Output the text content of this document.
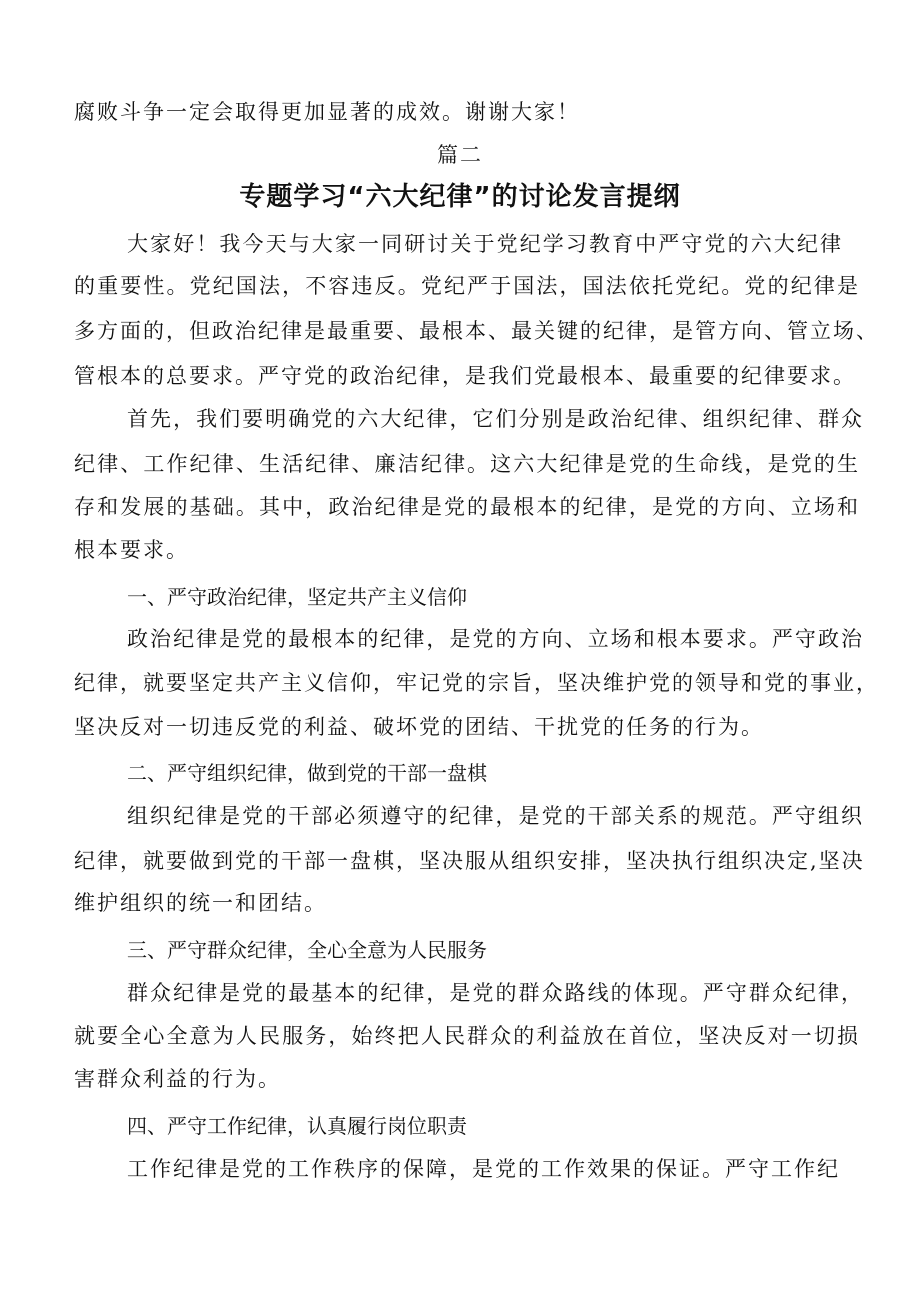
腐败斗争一定会取得更加显著的成效。谢谢大家！
篇二
专题学习“六大纪律”的讨论发言提纲
大家好！我今天与大家一同研讨关于党纪学习教育中严守党的六大纪律
的重要性。党纪国法，不容违反。党纪严于国法，国法依托党纪。党的纪律是
多方面的，但政治纪律是最重要、最根本、最关键的纪律，是管方向、管立场、
管根本的总要求。严守党的政治纪律，是我们党最根本、最重要的纪律要求。
首先，我们要明确党的六大纪律，它们分别是政治纪律、组织纪律、群众
纪律、工作纪律、生活纪律、廉洁纪律。这六大纪律是党的生命线，是党的生
存和发展的基础。其中，政治纪律是党的最根本的纪律，是党的方向、立场和
根本要求。
一、严守政治纪律，坚定共产主义信仰
政治纪律是党的最根本的纪律，是党的方向、立场和根本要求。严守政治
纪律，就要坚定共产主义信仰，牢记党的宗旨，坚决维护党的领导和党的事业，
坚决反对一切违反党的利益、破坏党的团结、干扰党的任务的行为。
二、严守组织纪律，做到党的干部一盘棋
组织纪律是党的干部必须遵守的纪律，是党的干部关系的规范。严守组织
纪律，就要做到党的干部一盘棋，坚决服从组织安排，坚决执行组织决定,坚决
维护组织的统一和团结。
三、严守群众纪律，全心全意为人民服务
群众纪律是党的最基本的纪律，是党的群众路线的体现。严守群众纪律，
就要全心全意为人民服务，始终把人民群众的利益放在首位，坚决反对一切损
害群众利益的行为。
四、严守工作纪律，认真履行岗位职责
工作纪律是党的工作秩序的保障，是党的工作效果的保证。严守工作纪
